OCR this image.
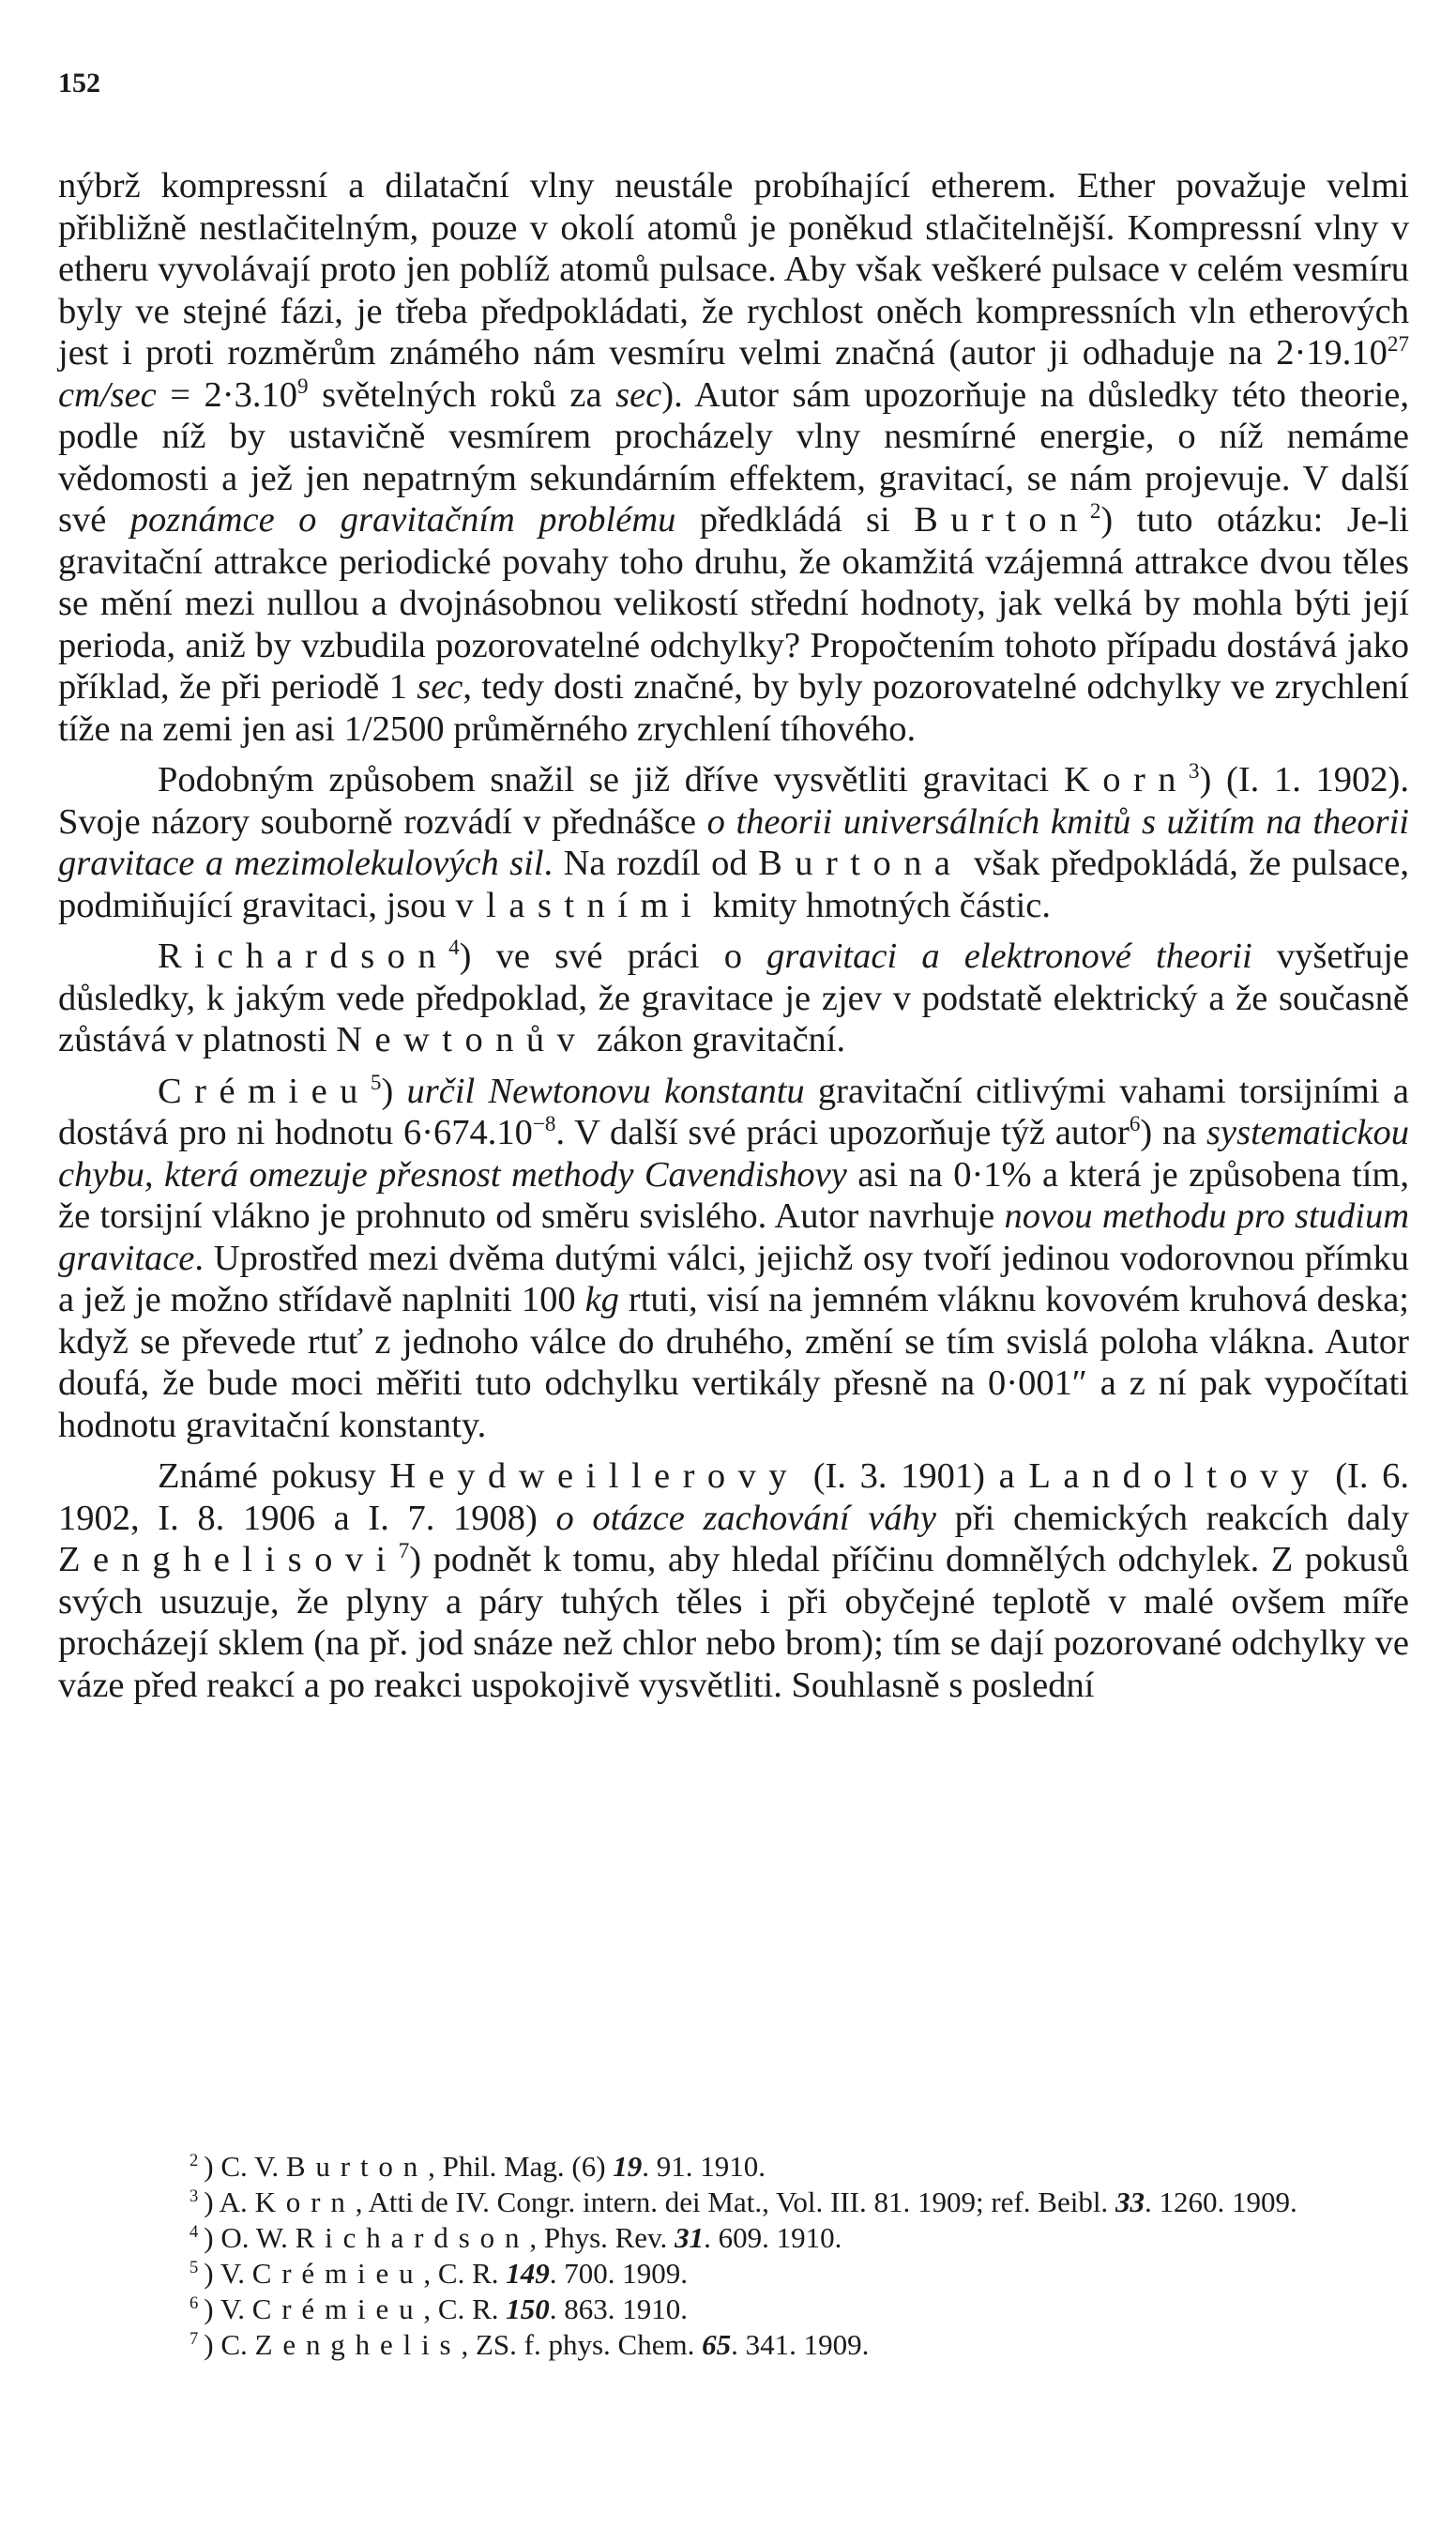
152

nýbrž kompressní a dilatační vlny neustále probíhající etherem. Ether považuje velmi přibližně nestlačitelným, pouze v okolí atomů je poněkud stlačitelnější. Kompressní vlny v etheru vyvolávají proto jen poblíž atomů pulsace. Aby však veškeré pulsace v celém vesmíru byly ve stejné fázi, je třeba předpokládati, že rychlost oněch kompressních vln etherových jest i proti rozměrům známého nám vesmíru velmi značná (autor ji odhaduje na $2\cdot 19.10^{27}$ $cm/\sec = 2\cdot 3.10^9$ světelných roků za sec). Autor sám upozorňuje na důsledky této theorie, podle níž by ustavičně vesmírem procházely vlny nesmírné energie, o níž nemáme vědomosti a jež jen nepatrným sekundárním effektem, gravitací, se nám projevuje. V další své poznámce o gravitačním problému předkládá si Burton$^2$) tuto otázku: Je-li gravitační attrakce periodické povahy toho druhu, že okamžitá vzájemná attrakce dvou těles se mění mezi nullou a dvojnásobnou velikostí střední hodnoty, jak velká by mohla býti její perioda, aniž by vzbudila pozorovatelné odchylky? Propočtením tohoto případu dostává jako příklad, že při periodě 1 sec, tedy dosti značné, by byly pozorovatelné odchylky ve zrychlení tíže na zemi jen asi 1/2500 průměrného zrychlení tíhového.

Podobným způsobem snažil se již dříve vysvětliti gravitaci Korn$^3$) (I. 1. 1902). Svoje názory souborně rozvádí v přednášce o theorii universálních kmitů s užitím na theorii gravitace a mezimolekulových sil. Na rozdíl od Burtona však předpokládá, že pulsace, podmiňující gravitaci, jsou vlastními kmity hmotných částic.

Richardson$^4$) ve své práci o gravitaci a elektronové theorii vyšetřuje důsledky, k jakým vede předpoklad, že gravitace je zjev v podstatě elektrický a že současně zůstává v platnosti Newtonův zákon gravitační.

Crémieu$^5$) určil Newtonovu konstantu gravitační citlivými vahami torsijními a dostává pro ni hodnotu $6\cdot 674.10^{-8}$. V další své práci upozorňuje týž autor$^6$) na systematickou chybu, která omezuje přesnost methody Cavendishovy asi na 0·1% a která je způsobena tím, že torsijní vlákno je prohnuto od směru svislého. Autor navrhuje novou methodu pro studium gravitace. Uprostřed mezi dvěma dutými válci, jejichž osy tvoří jedinou vodorovnou přímku a jež je možno střídavě naplniti 100 kg rtuti, visí na jemném vláknu kovovém kruhová deska; když se převede rtuť z jednoho válce do druhého, změní se tím svislá poloha vlákna. Autor doufá, že bude moci měřiti tuto odchylku vertikály přesně na 0·001″ a z ní pak vypočítati hodnotu gravitační konstanty.

Známé pokusy Heydweillerovy (I. 3. 1901) a Landoltovy (I. 6. 1902, I. 8. 1906 a I. 7. 1908) o otázce zachování váhy při chemických reakcích daly Zenghelisovi$^7$) podnět k tomu, aby hledal příčinu domnělých odchylek. Z pokusů svých usuzuje, že plyny a páry tuhých těles i při obyčejné teplotě v malé ovšem míře procházejí sklem (na př. jod snáze než chlor nebo brom); tím se dají pozorované odchylky ve váze před reakcí a po reakci uspokojivě vysvětliti. Souhlasně s poslední

$^2$ ) C. V. Burton, Phil. Mag. (6) 19. 91. 1910.

$^3$ ) A. Korn, Atti de IV. Congr. intern. dei Mat., Vol. III. 81. 1909; ref. Beibl. 33. 1260. 1909.

$^4$ ) O. W. Richardson, Phys. Rev. 31. 609. 1910.

$^5$ ) V. Crémieu, C. R. 149. 700. 1909.

$^6$ ) V. Crémieu, C. R. 150. 863. 1910.

$^7$ ) C. Zenghelis, ZS. f. phys. Chem. 65. 341. 1909.
